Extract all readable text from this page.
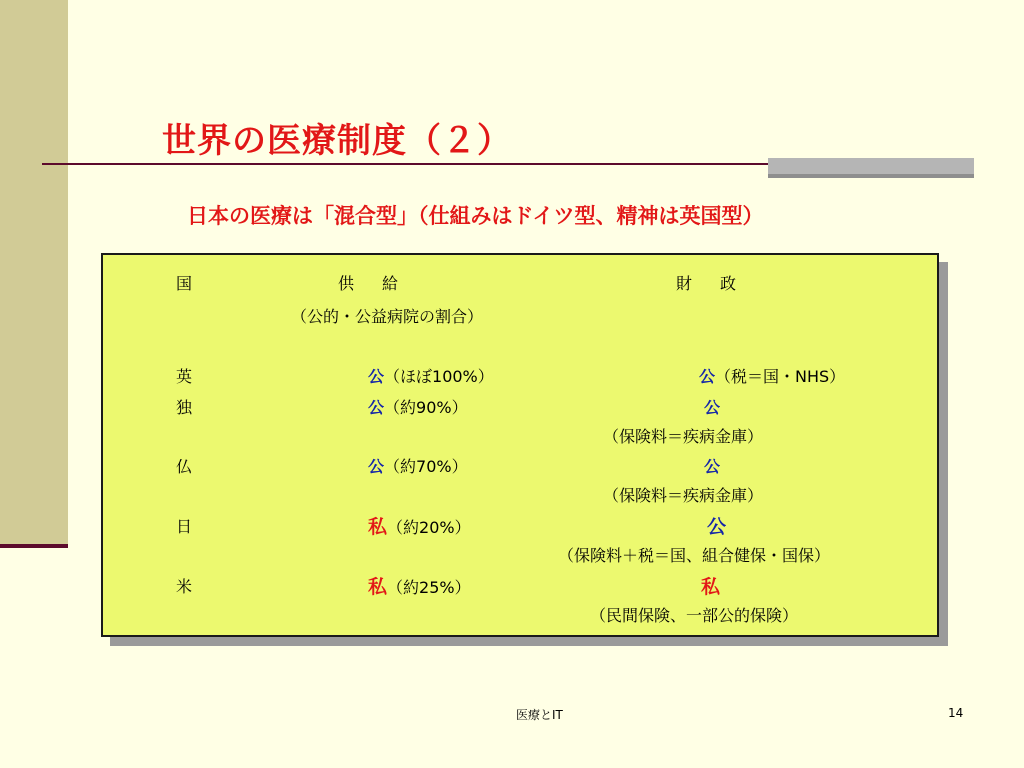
世界の医療制度（２）

日本の医療は「混合型」（仕組みはドイツ型、精神は英国型）

国	供 給	財 政
（公的・公益病院の割合）
英	公（ほぼ100%）	公（税＝国・NHS）
独	公（約90%）	公
（保険料＝疾病金庫）
仏	公（約70%）	公
（保険料＝疾病金庫）
日	私（約20%）	公
（保険料＋税＝国、組合健保・国保）
米	私（約25%）	私
（民間保険、一部公的保険）
医療とIT	14
